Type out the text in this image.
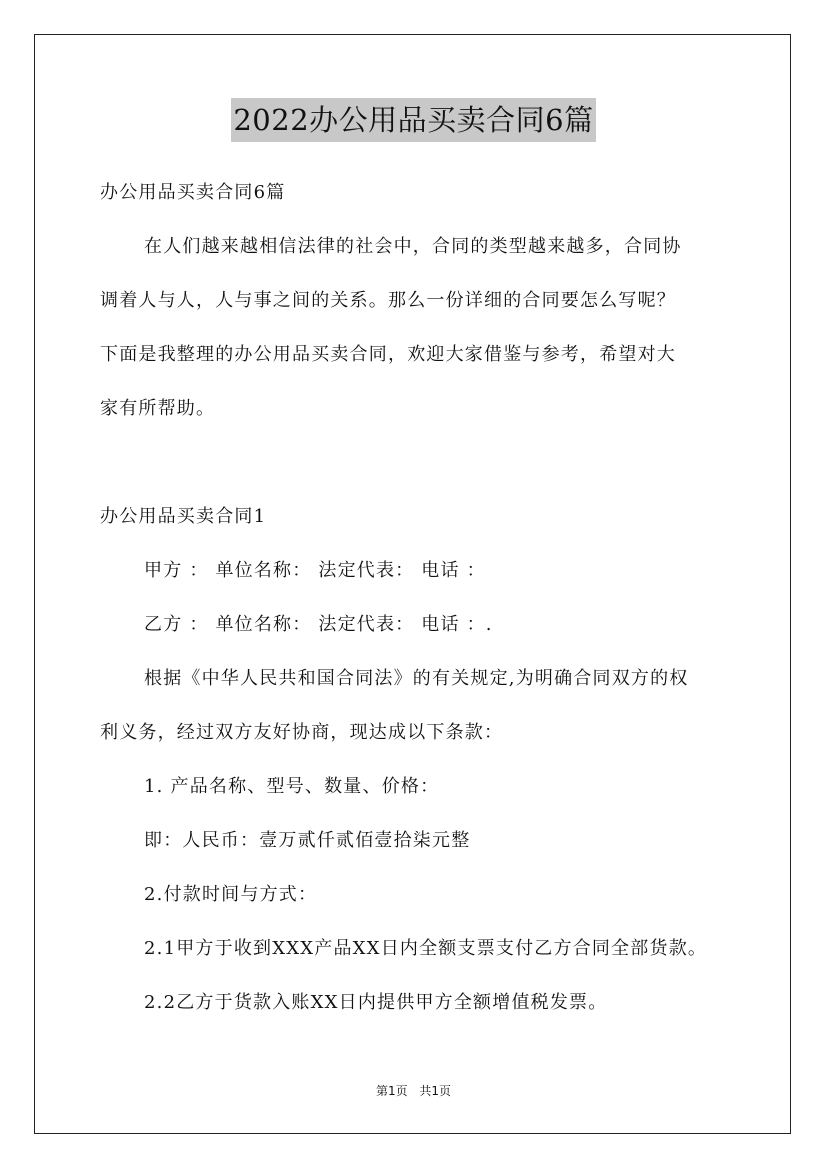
2022办公用品买卖合同6篇
办公用品买卖合同6篇
在人们越来越相信法律的社会中，合同的类型越来越多，合同协
调着人与人，人与事之间的关系。那么一份详细的合同要怎么写呢？
下面是我整理的办公用品买卖合同，欢迎大家借鉴与参考，希望对大
家有所帮助。
办公用品买卖合同1
甲方 ： 单位名称： 法定代表： 电话 ：
乙方 ： 单位名称： 法定代表： 电话 ：.
根据《中华人民共和国合同法》的有关规定,为明确合同双方的权
利义务，经过双方友好协商，现达成以下条款：
1. 产品名称、型号、数量、价格：
即：人民币：壹万贰仟贰佰壹拾柒元整
2.付款时间与方式：
2.1甲方于收到XXX产品XX日内全额支票支付乙方合同全部货款。
2.2乙方于货款入账XX日内提供甲方全额增值税发票。
第1页 共1页
